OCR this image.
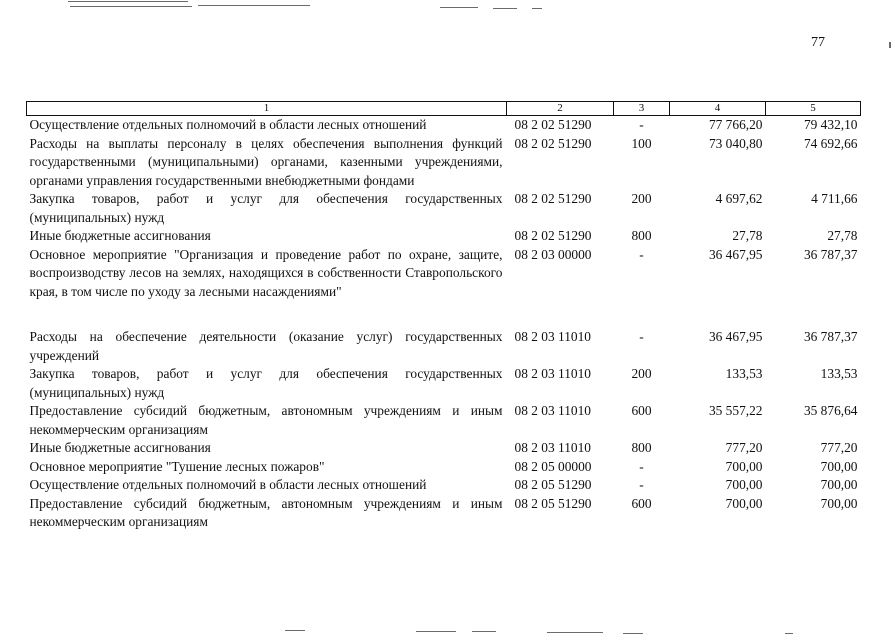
77
1	2	3	4	5
Осуществление отдельных полномочий в области лесных отношений	08 2 02 51290	-	77 766,20	79 432,10
Расходы на выплаты персоналу в целях обеспечения выполнения функций государственными (муниципальными) органами, казенными учреждениями, органами управления государственными внебюджетными фондами	08 2 02 51290	100	73 040,80	74 692,66
Закупка товаров, работ и услуг для обеспечения государственных (муниципальных) нужд	08 2 02 51290	200	4 697,62	4 711,66
Иные бюджетные ассигнования	08 2 02 51290	800	27,78	27,78
Основное мероприятие "Организация и проведение работ по охране, защите, воспроизводству лесов на землях, находящихся в собственности Ставропольского края, в том числе по уходу за лесными насаждениями"	08 2 03 00000	-	36 467,95	36 787,37
Расходы на обеспечение деятельности (оказание услуг) государственных учреждений	08 2 03 11010	-	36 467,95	36 787,37
Закупка товаров, работ и услуг для обеспечения государственных (муниципальных) нужд	08 2 03 11010	200	133,53	133,53
Предоставление субсидий бюджетным, автономным учреждениям и иным некоммерческим организациям	08 2 03 11010	600	35 557,22	35 876,64
Иные бюджетные ассигнования	08 2 03 11010	800	777,20	777,20
Основное мероприятие "Тушение лесных пожаров"	08 2 05 00000	-	700,00	700,00
Осуществление отдельных полномочий в области лесных отношений	08 2 05 51290	-	700,00	700,00
Предоставление субсидий бюджетным, автономным учреждениям и иным некоммерческим организациям	08 2 05 51290	600	700,00	700,00
